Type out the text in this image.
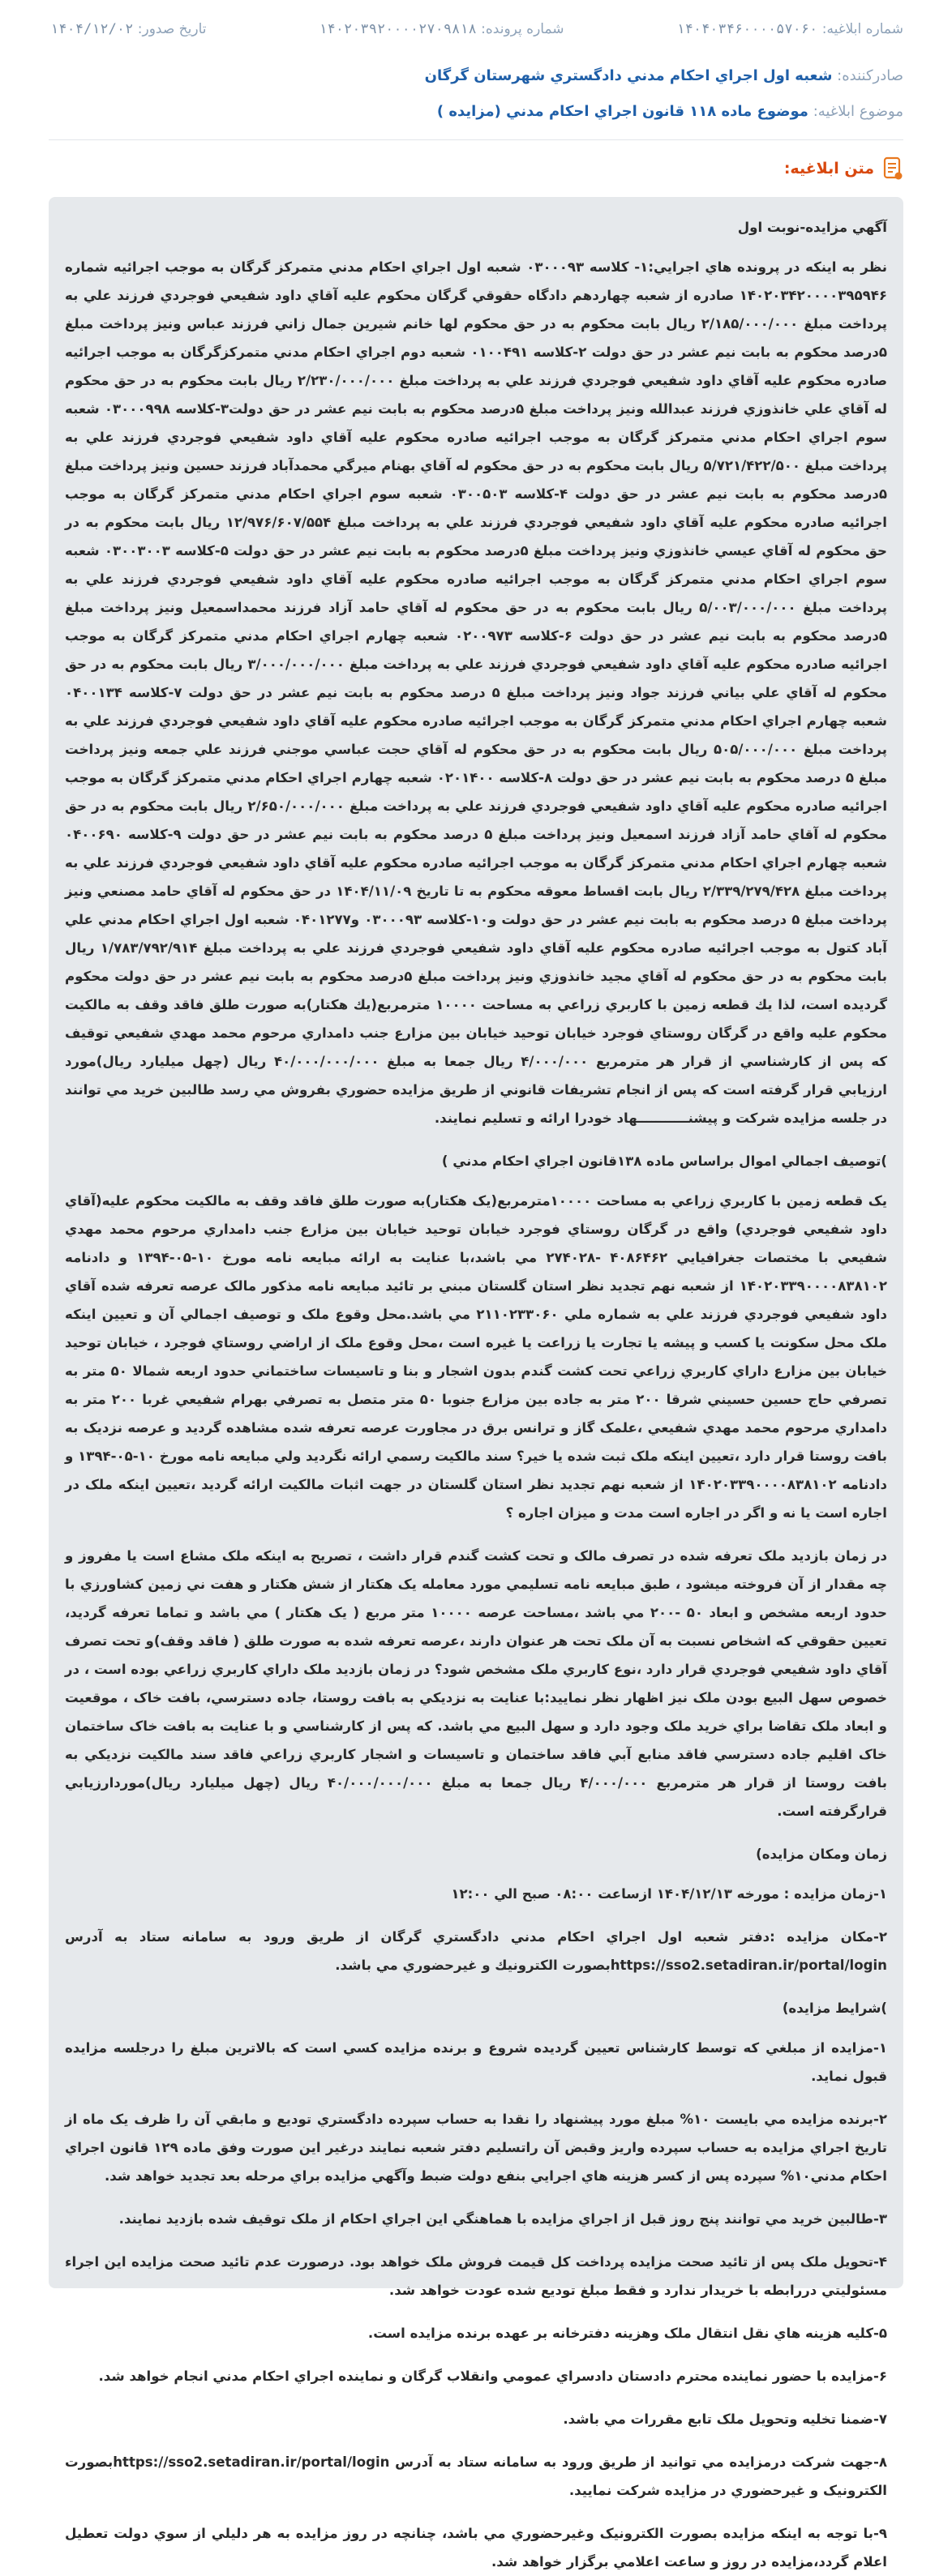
شماره ابلاغیه: ۱۴۰۴۰۳۴۶۰۰۰۰۵۷۰۶۰
شماره پرونده: ۱۴۰۲۰۳۹۲۰۰۰۰۲۷۰۹۸۱۸
تاریخ صدور: ۱۴۰۴/۱۲/۰۲
صادرکننده: شعبه اول اجراي احكام مدني دادگستري شهرستان گرگان
موضوع ابلاغیه: موضوع ماده ۱۱۸ قانون اجراي احكام مدني (مزايده )
متن ابلاغیه:

آگهي مزايده-نوبت اول

نظر به اينكه در پرونده هاي اجرايي:۱- كلاسه ۰۳۰۰۰۹۳ شعبه اول اجراي احكام مدني متمركز گرگان به موجب اجرائيه شماره ۱۴۰۲۰۳۴۲۰۰۰۰۳۹۵۹۴۶ صادره از شعبه چهاردهم دادگاه حقوقي گرگان محكوم عليه آقاي داود شفيعي فوجردي فرزند علي به پرداخت مبلغ ۲/۱۸۵/۰۰۰/۰۰۰ ريال بابت محكوم به در حق محكوم لها خانم شيرين جمال زاني فرزند عباس ونيز پرداخت مبلغ ۵درصد محكوم به بابت نيم عشر در حق دولت ۲-كلاسه ۰۱۰۰۴۹۱ شعبه دوم اجراي احكام مدني متمركزگرگان به موجب اجرائيه صادره محكوم عليه آقاي داود شفيعي فوجردي فرزند علي به پرداخت مبلغ ۲/۲۳۰/۰۰۰/۰۰۰ ريال بابت محكوم به در حق محكوم له آقاي علي خانذوزي فرزند عبدالله ونيز پرداخت مبلغ ۵درصد محكوم به بابت نيم عشر در حق دولت۳-كلاسه ۰۳۰۰۰۹۹۸ شعبه سوم اجراي احكام مدني متمركز گرگان به موجب اجرائيه صادره محكوم عليه آقاي داود شفيعي فوجردي فرزند علي به پرداخت مبلغ ۵/۷۲۱/۴۲۲/۵۰۰ ريال بابت محكوم به در حق محكوم له آقاي بهنام ميرگي محمدآباد فرزند حسين ونيز پرداخت مبلغ ۵درصد محكوم به بابت نيم عشر در حق دولت ۴-كلاسه ۰۳۰۰۵۰۳ شعبه سوم اجراي احكام مدني متمركز گرگان به موجب اجرائيه صادره محكوم عليه آقاي داود شفيعي فوجردي فرزند علي به پرداخت مبلغ ۱۲/۹۷۶/۶۰۷/۵۵۴ ريال بابت محكوم به در حق محكوم له آقاي عيسي خانذوزي ونيز پرداخت مبلغ ۵درصد محكوم به بابت نيم عشر در حق دولت ۵-كلاسه ۰۳۰۰۳۰۰۳ شعبه سوم اجراي احكام مدني متمركز گرگان به موجب اجرائيه صادره محكوم عليه آقاي داود شفيعي فوجردي فرزند علي به پرداخت مبلغ ۵/۰۰۳/۰۰۰/۰۰۰ ريال بابت محكوم به در حق محكوم له آقاي حامد آزاد فرزند محمداسمعيل ونيز پرداخت مبلغ ۵درصد محكوم به بابت نيم عشر در حق دولت ۶-كلاسه ۰۲۰۰۹۷۳ شعبه چهارم اجراي احكام مدني متمركز گرگان به موجب اجرائيه صادره محكوم عليه آقاي داود شفيعي فوجردي فرزند علي به پرداخت مبلغ ۳/۰۰۰/۰۰۰/۰۰۰ ريال بابت محكوم به در حق محكوم له آقاي علي بياني فرزند جواد ونيز پرداخت مبلغ ۵ درصد محكوم به بابت نيم عشر در حق دولت ۷-كلاسه ۰۴۰۰۱۳۴ شعبه چهارم اجراي احكام مدني متمركز گرگان به موجب اجرائيه صادره محكوم عليه آقاي داود شفيعي فوجردي فرزند علي به پرداخت مبلغ ۵۰۵/۰۰۰/۰۰۰ ريال بابت محكوم به در حق محكوم له آقاي حجت عباسي موجني فرزند علي جمعه ونيز پرداخت مبلغ ۵ درصد محكوم به بابت نيم عشر در حق دولت ۸-كلاسه ۰۲۰۱۴۰۰ شعبه چهارم اجراي احكام مدني متمركز گرگان به موجب اجرائيه صادره محكوم عليه آقاي داود شفيعي فوجردي فرزند علي به پرداخت مبلغ ۲/۶۵۰/۰۰۰/۰۰۰ ريال بابت محكوم به در حق محكوم له آقاي حامد آزاد فرزند اسمعيل ونيز پرداخت مبلغ ۵ درصد محكوم به بابت نيم عشر در حق دولت ۹-كلاسه ۰۴۰۰۶۹۰ شعبه چهارم اجراي احكام مدني متمركز گرگان به موجب اجرائيه صادره محكوم عليه آقاي داود شفيعي فوجردي فرزند علي به پرداخت مبلغ ۲/۳۳۹/۲۷۹/۴۲۸ ريال بابت اقساط معوقه محكوم به تا تاريخ ۱۴۰۴/۱۱/۰۹ در حق محكوم له آقاي حامد مصنعي ونيز پرداخت مبلغ ۵ درصد محكوم به بابت نيم عشر در حق دولت و۱۰-كلاسه ۰۳۰۰۰۹۳ و۰۴۰۱۲۷۷ شعبه اول اجراي احكام مدني علي آباد كتول به موجب اجرائيه صادره محكوم عليه آقاي داود شفيعي فوجردي فرزند علي به پرداخت مبلغ ۱/۷۸۳/۷۹۲/۹۱۴ ريال بابت محكوم به در حق محكوم له آقاي مجيد خانذوزي ونيز پرداخت مبلغ ۵درصد محكوم به بابت نيم عشر در حق دولت محكوم گرديده است، لذا يك قطعه زمين با كاربري زراعي به مساحت ۱۰۰۰۰ مترمربع(يك هكتار)به صورت طلق فاقد وقف به مالكيت محكوم عليه واقع در گرگان روستاي فوجرد خيابان توحيد خيابان بين مزارع جنب دامداري مرحوم محمد مهدي شفيعي توقيف كه پس از كارشناسي از قرار هر مترمربع ۴/۰۰۰/۰۰۰ ريال جمعا به مبلغ ۴۰/۰۰۰/۰۰۰/۰۰۰ ريال (چهل ميليارد ريال)مورد ارزيابي قرار گرفته است كه پس از انجام تشريفات قانوني از طريق مزايده حضوري بفروش مي رسد طالبين خريد مي توانند در جلسه مزايده شركت و پيشنـــــــــــهاد خودرا ارائه و تسليم نمايند.

)توصيف اجمالي اموال براساس ماده ۱۳۸قانون اجراي احكام مدني )

يک قطعه زمين با كاربري زراعي به مساحت ۱۰۰۰۰مترمربع(يک هكتار)به صورت طلق فاقد وقف به مالكيت محكوم عليه(آقاي داود شفيعي فوجردي) واقع در گرگان روستاي فوجرد خيابان توحيد خيابان بين مزارع جنب دامداري مرحوم محمد مهدي شفيعي با مختصات جغرافيايي ۴۰۸۶۴۶۲ -۲۷۴۰۲۸ مي باشد،با عنايت به ارائه مبايعه نامه مورخ ۱۰-۰۵-۱۳۹۴ و دادنامه ۱۴۰۲۰۳۳۹۰۰۰۰۸۳۸۱۰۲ از شعبه نهم تجديد نظر استان گلستان مبني بر تائيد مبايعه نامه مذكور مالک عرصه تعرفه شده آقاي داود شفيعي فوجردي فرزند علي به شماره ملي ۲۱۱۰۲۳۳۰۶۰ مي باشد.محل وقوع ملک و توصيف اجمالي آن و تعيين اينكه ملک محل سكونت يا كسب و پيشه يا تجارت يا زراعت يا غيره است ،محل وقوع ملک از اراضي روستاي فوجرد ، خيابان توحيد خيابان بين مزارع داراي كاربري زراعي تحت كشت گندم بدون اشجار و بنا و تاسيسات ساختماني حدود اربعه شمالا ۵۰ متر به تصرفي حاج حسين حسيني شرقا ۲۰۰ متر به جاده بين مزارع جنوبا ۵۰ متر متصل به تصرفي بهرام شفيعي غربا ۲۰۰ متر به دامداري مرحوم محمد مهدي شفيعي ،علمک گاز و ترانس برق در مجاورت عرصه تعرفه شده مشاهده گرديد و عرصه نزديک به بافت روستا قرار دارد ،تعيين اينكه ملک ثبت شده يا خير؟ سند مالكيت رسمي ارائه نگرديد ولي مبايعه نامه مورخ ۱۰-۰۵-۱۳۹۴ و دادنامه ۱۴۰۲۰۳۳۹۰۰۰۰۸۳۸۱۰۲ از شعبه نهم تجديد نظر استان گلستان در جهت اثبات مالكيت ارائه گرديد ،تعيين اينكه ملک در اجاره است يا نه و اگر در اجاره است مدت و ميزان اجاره ؟

در زمان بازديد ملک تعرفه شده در تصرف مالک و تحت كشت گندم قرار داشت ، تصريح به اينكه ملک مشاع است يا مفروز و چه مقدار از آن فروخته ميشود ، طبق مبايعه نامه تسليمي مورد معامله يک هكتار از شش هكتار و هفت ني زمين كشاورزي با حدود اربعه مشخص و ابعاد ۵۰ -۲۰۰ مي باشد ،مساحت عرصه ۱۰۰۰۰ متر مربع ( يک هكتار ) مي باشد و تماما تعرفه گرديد، تعيين حقوقي كه اشخاص نسبت به آن ملک تحت هر عنوان دارند ،عرصه تعرفه شده به صورت طلق ( فاقد وقف)و تحت تصرف آقاي داود شفيعي فوجردي قرار دارد ،نوع كاربري ملک مشخص شود؟ در زمان بازديد ملک داراي كاربري زراعي بوده است ، در خصوص سهل البيع بودن ملک نيز اظهار نظر نماييد:با عنايت به نزديكي به بافت روستا، جاده دسترسي، بافت خاک ، موقعيت و ابعاد ملک تقاضا براي خريد ملک وجود دارد و سهل البيع مي باشد. كه پس از كارشناسي و با عنايت به بافت خاک ساختمان خاک اقليم جاده دسترسي فاقد منابع آبي فاقد ساختمان و تاسيسات و اشجار كاربري زراعي فاقد سند مالكيت نزديكي به بافت روستا از قرار هر مترمربع ۴/۰۰۰/۰۰۰ ريال جمعا به مبلغ ۴۰/۰۰۰/۰۰۰/۰۰۰ ريال (چهل ميليارد ريال)موردارزيابي قرارگرفته است.

زمان ومكان مزايده)

۱-زمان مزايده : مورخه ۱۴۰۴/۱۲/۱۳ ازساعت ۰۸:۰۰ صبح الي ۱۲:۰۰

۲-مكان مزايده :دفتر شعبه اول اجراي احكام مدني دادگستري گرگان از طريق ورود به سامانه ستاد به آدرس https://sso2.setadiran.ir/portal/loginبصورت الكترونيك و غيرحضوري مي باشد.

)شرايط مزايده)

۱-مزايده از مبلغي كه توسط كارشناس تعيين گرديده شروع و برنده مزايده كسي است كه بالاترين مبلغ را درجلسه مزايده قبول نمايد.

۲-برنده مزايده مي بايست ۱۰% مبلغ مورد پيشنهاد را نقدا به حساب سپرده دادگستري توديع و مابقي آن را ظرف يک ماه از تاريخ اجراي مزايده به حساب سپرده واريز وقبض آن راتسليم دفتر شعبه نمايند درغير اين صورت وفق ماده ۱۲۹ قانون اجراي احكام مدني۱۰% سپرده پس از كسر هزينه هاي اجرايي بنفع دولت ضبط وآگهي مزايده براي مرحله بعد تجديد خواهد شد.

۳-طالبين خريد مي توانند پنج روز قبل از اجراي مزايده با هماهنگي اين اجراي احكام از ملک توقيف شده بازديد نمايند.

۴-تحويل ملک پس از تائيد صحت مزايده پرداخت كل قيمت فروش ملک خواهد بود. درصورت عدم تائيد صحت مزايده اين اجراء مسئوليتي دررابطه با خريدار ندارد و فقط مبلغ توديع شده عودت خواهد شد.

۵-كليه هزينه هاي نقل انتقال ملک وهزينه دفترخانه بر عهده برنده مزايده است.

۶-مزايده با حضور نماينده محترم دادستان دادسراي عمومي وانقلاب گرگان و نماينده اجراي احكام مدني انجام خواهد شد.

۷-ضمنا تخليه وتحويل ملک تابع مقررات مي باشد.

۸-جهت شركت درمزايده مي توانيد از طريق ورود به سامانه ستاد به آدرس https://sso2.setadiran.ir/portal/loginبصورت الكترونيک و غيرحضوري در مزايده شركت نماييد.

۹-با توجه به اينكه مزايده بصورت الكترونيک وغيرحضوري مي باشد، چنانچه در روز مزايده به هر دليلي از سوي دولت تعطيل اعلام گردد،مزايده در روز و ساعت اعلامي برگزار خواهد شد.
